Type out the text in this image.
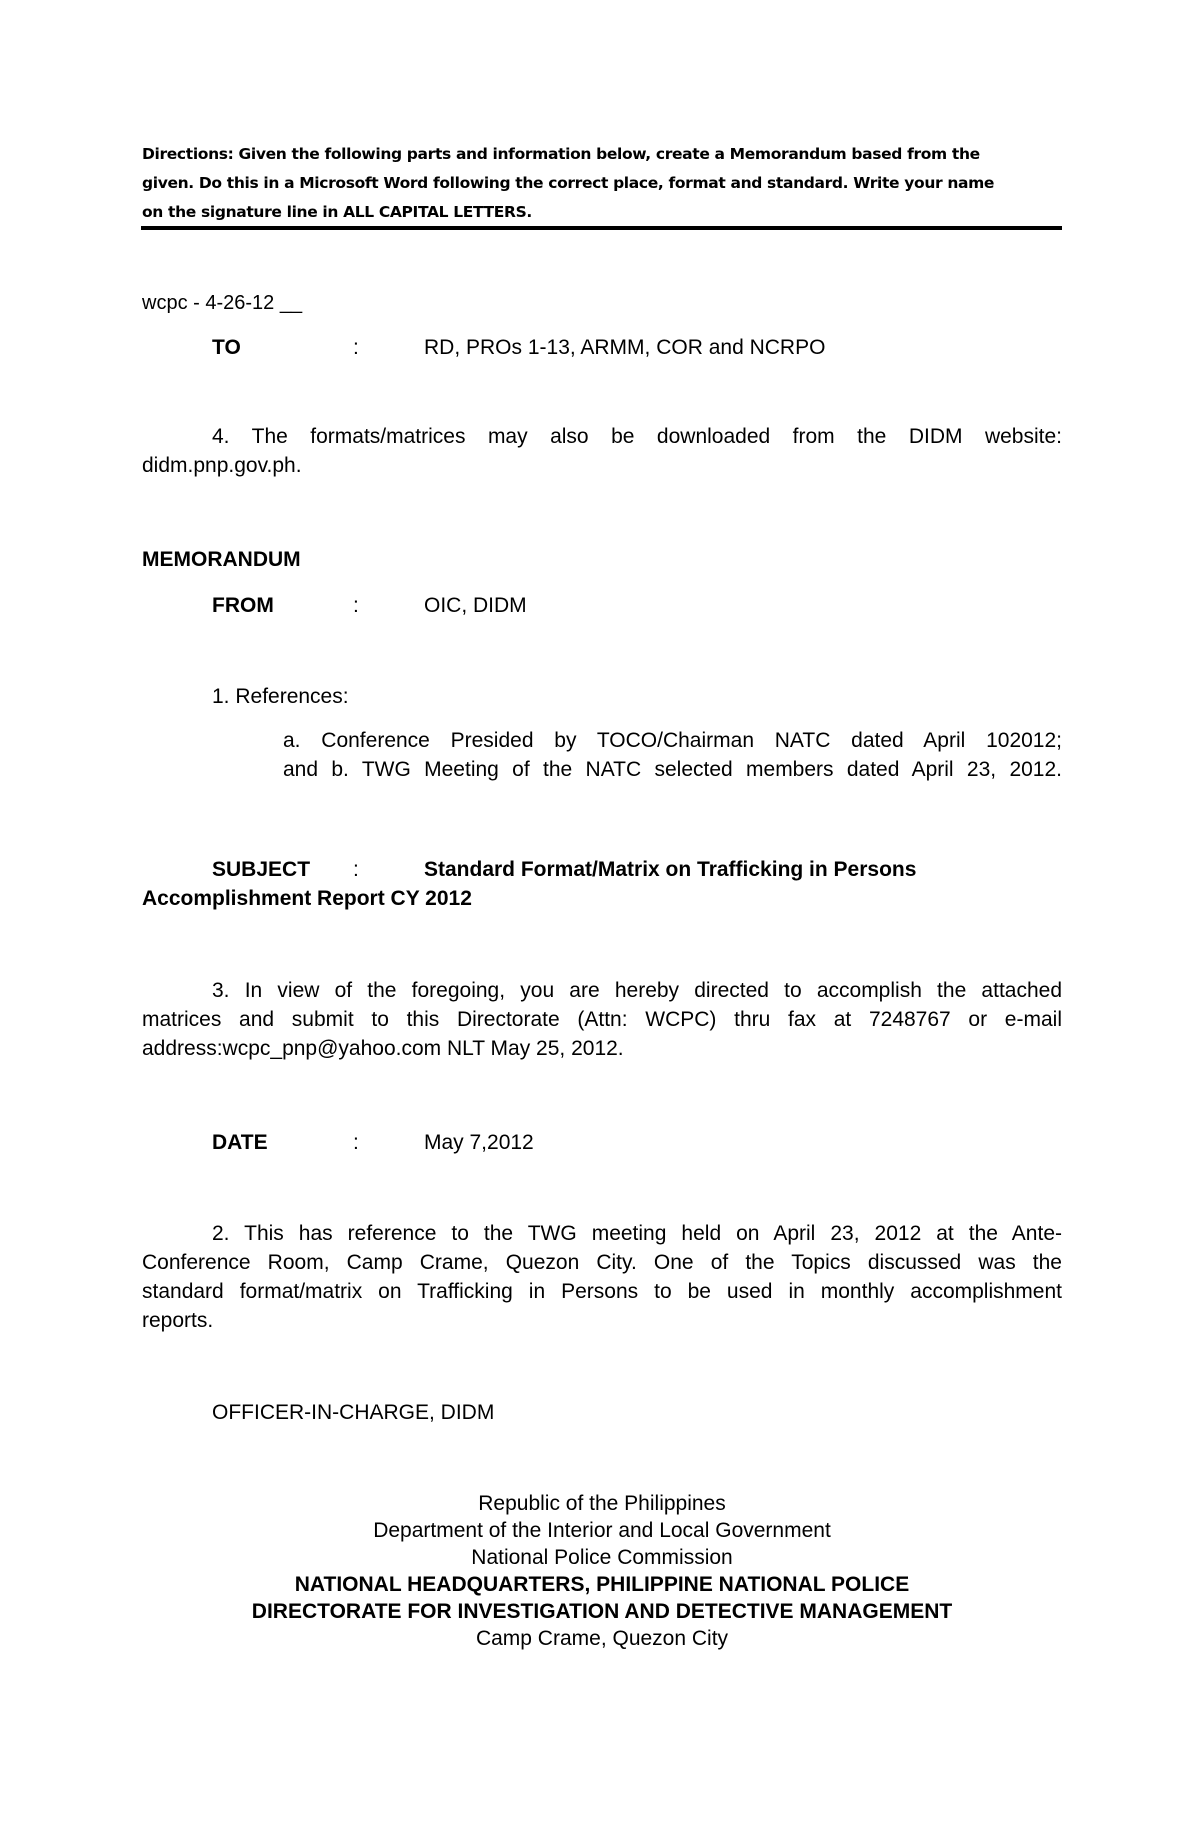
Directions: Given the following parts and information below, create a Memorandum based from the
given. Do this in a Microsoft Word following the correct place, format and standard. Write your name
on the signature line in ALL CAPITAL LETTERS.
wcpc - 4-26-12 __
TO	:	RD, PROs 1-13, ARMM, COR and NCRPO
4. The formats/matrices may also be downloaded from the DIDM website:
didm.pnp.gov.ph.
MEMORANDUM
FROM	:	OIC, DIDM
1. References:
a. Conference Presided by TOCO/Chairman NATC dated April 102012;
and b. TWG Meeting of the NATC selected members dated April 23, 2012.
SUBJECT :	Standard Format/Matrix on Trafficking in Persons
Accomplishment Report CY 2012
3. In view of the foregoing, you are hereby directed to accomplish the attached
matrices and submit to this Directorate (Attn: WCPC) thru fax at 7248767 or e-mail
address:wcpc_pnp@yahoo.com NLT May 25, 2012.
DATE	:	May 7,2012
2. This has reference to the TWG meeting held on April 23, 2012 at the Ante-
Conference Room, Camp Crame, Quezon City. One of the Topics discussed was the
standard format/matrix on Trafficking in Persons to be used in monthly accomplishment
reports.
OFFICER-IN-CHARGE, DIDM
Republic of the Philippines
Department of the Interior and Local Government
National Police Commission
NATIONAL HEADQUARTERS, PHILIPPINE NATIONAL POLICE
DIRECTORATE FOR INVESTIGATION AND DETECTIVE MANAGEMENT
Camp Crame, Quezon City
